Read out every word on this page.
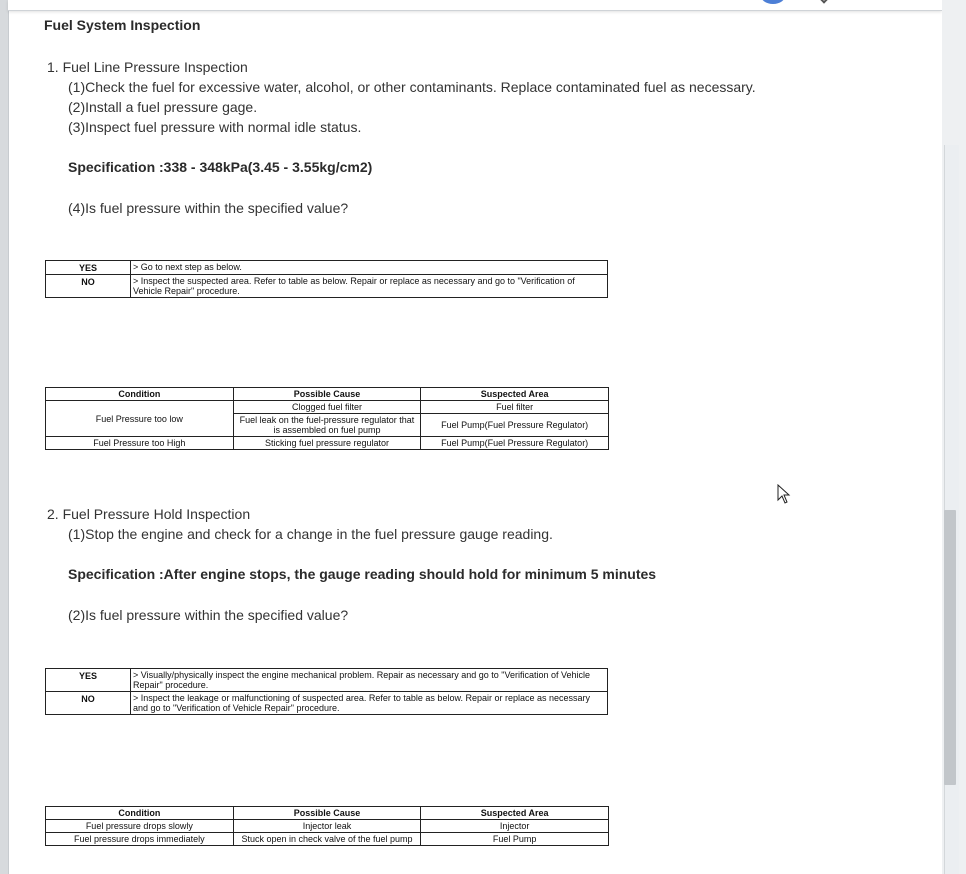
Fuel System Inspection
1. Fuel Line Pressure Inspection
(1)Check the fuel for excessive water, alcohol, or other contaminants. Replace contaminated fuel as necessary.
(2)Install a fuel pressure gage.
(3)Inspect fuel pressure with normal idle status.
Specification :338 - 348kPa(3.45 - 3.55kg/cm2)
(4)Is fuel pressure within the specified value?
YES	> Go to next step as below.
NO	> Inspect the suspected area. Refer to table as below. Repair or replace as necessary and go to "Verification of Vehicle Repair" procedure.
Condition	Possible Cause	Suspected Area
Fuel Pressure too low	Clogged fuel filter	Fuel filter
	Fuel leak on the fuel-pressure regulator that is assembled on fuel pump	Fuel Pump(Fuel Pressure Regulator)
Fuel Pressure too High	Sticking fuel pressure regulator	Fuel Pump(Fuel Pressure Regulator)
2. Fuel Pressure Hold Inspection
(1)Stop the engine and check for a change in the fuel pressure gauge reading.
Specification :After engine stops, the gauge reading should hold for minimum 5 minutes
(2)Is fuel pressure within the specified value?
YES	> Visually/physically inspect the engine mechanical problem. Repair as necessary and go to "Verification of Vehicle Repair" procedure.
NO	> Inspect the leakage or malfunctioning of suspected area. Refer to table as below. Repair or replace as necessary and go to "Verification of Vehicle Repair" procedure.
Condition	Possible Cause	Suspected Area
Fuel pressure drops slowly	Injector leak	Injector
Fuel pressure drops immediately	Stuck open in check valve of the fuel pump	Fuel Pump
